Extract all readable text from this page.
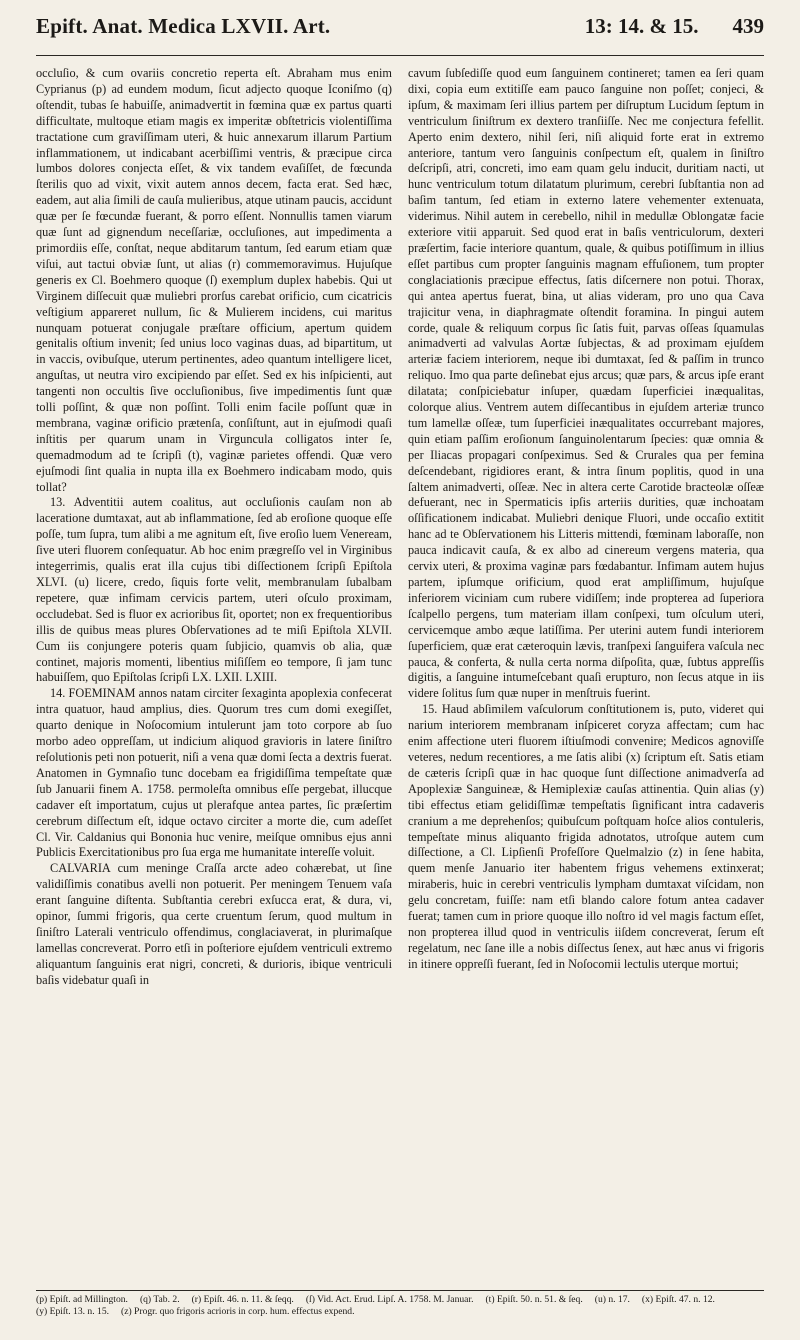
Epift. Anat. Medica LXVII. Art.	13: 14. & 15. 439

occluſio, & cum ovariis concretio reperta eſt. Abraham mus enim Cyprianus (p) ad eundem modum, ſicut adjecto quoque Iconiſmo (q) oſtendit, tubas ſe habuiſſe, animadvertit in fœmina quæ ex partus quarti difficultate, multoque etiam magis ex imperitæ obſtetricis violentiſſima tractatione cum graviſſimam uteri, & huic annexarum illarum Partium inflammationem, ut indicabant acerbiſſimi ventris, & præcipue circa lumbos dolores conjecta eſſet, & vix tandem evaſiſſet, de fœcunda ſterilis quo ad vixit, vixit autem annos decem, facta erat. Sed hæc, eadem, aut alia ſimili de cauſa mulieribus, atque utinam paucis, accidunt quæ per ſe fœcundæ fuerant, & porro eſſent. Nonnullis tamen viarum quæ ſunt ad gignendum neceſſariæ, occluſiones, aut impedimenta a primordiis eſſe, conſtat, neque abditarum tantum, ſed earum etiam quæ viſui, aut tactui obviæ ſunt, ut alias (r) commemoravimus. Hujuſque generis ex Cl. Boehmero quoque (ſ) exemplum duplex habebis. Qui ut Virginem diſſecuit quæ muliebri prorſus carebat orificio, cum cicatricis veſtigium appareret nullum, ſic & Mulierem incidens, cui maritus nunquam potuerat conjugale præſtare officium, apertum quidem genitalis oſtium invenit; ſed unius loco vaginas duas, ad bipartitum, ut in vaccis, ovibuſque, uterum pertinentes, adeo quantum intelligere licet, anguſtas, ut neutra viro excipiendo par eſſet. Sed ex his inſpicienti, aut tangenti non occultis ſive occluſionibus, ſive impedimentis ſunt quæ tolli poſſint, & quæ non poſſint. Tolli enim facile poſſunt quæ in membrana, vaginæ orificio prætenſa, conſiſtunt, aut in ejuſmodi quaſi inſtitis per quarum unam in Virguncula colligatos inter ſe, quemadmodum ad te ſcripſi (t), vaginæ parietes offendi. Quæ vero ejuſmodi ſint qualia in nupta illa ex Boehmero indicabam modo, quis tollat?

13. Adventitii autem coalitus, aut occluſionis cauſam non ab laceratione dumtaxat, aut ab inflammatione, ſed ab eroſione quoque eſſe poſſe, tum ſupra, tum alibi a me agnitum eſt, ſive eroſio luem Veneream, ſive uteri fluorem conſequatur. Ab hoc enim prægreſſo vel in Virginibus integerrimis, qualis erat illa cujus tibi diſſectionem ſcripſi Epiſtola XLVI. (u) licere, credo, ſiquis forte velit, membranulam ſubalbam repetere, quæ infimam cervicis partem, uteri oſculo proximam, occludebat. Sed is fluor ex acrioribus ſit, oportet; non ex frequentioribus illis de quibus meas plures Obſervationes ad te miſi Epiſtola XLVII. Cum iis conjungere poteris quam ſubjicio, quamvis ob alia, quæ continet, majoris momenti, libentius miſiſſem eo tempore, ſi jam tunc habuiſſem, quo Epiſtolas ſcripſi LX. LXII. LXIII.

14. FOEMINAM annos natam circiter ſexaginta apoplexia confecerat intra quatuor, haud amplius, dies. Quorum tres cum domi exegiſſet, quarto denique in Noſocomium intulerunt jam toto corpore ab ſuo morbo adeo oppreſſam, ut indicium aliquod gravioris in latere ſiniſtro reſolutionis peti non potuerit, niſi a vena quæ domi ſecta a dextris fuerat. Anatomen in Gymnaſio tunc docebam ea frigidiſſima tempeſtate quæ ſub Januarii finem A. 1758. permoleſta omnibus eſſe pergebat, illucque cadaver eſt importatum, cujus ut plerafque antea partes, ſic præſertim cerebrum diſſectum eſt, idque octavo circiter a morte die, cum adeſſet Cl. Vir. Caldanius qui Bononia huc venire, meiſque omnibus ejus anni Publicis Exercitationibus pro ſua erga me humanitate intereſſe voluit.

CALVARIA cum meninge Craſſa arcte adeo cohærebat, ut ſine validiſſimis conatibus avelli non potuerit. Per meningem Tenuem vaſa erant ſanguine diſtenta. Subſtantia cerebri exſucca erat, & dura, vi, opinor, ſummi frigoris, qua certe cruentum ſerum, quod multum in ſiniſtro Laterali ventriculo offendimus, conglaciaverat, in plurimaſque lamellas concreverat. Porro etſi in poſteriore ejuſdem ventriculi extremo aliquantum ſanguinis erat nigri, concreti, & durioris, ibique ventriculi baſis videbatur quaſi in

cavum ſubſediſſe quod eum ſanguinem contineret; tamen ea ſeri quam dixi, copia eum extitiſſe eam pauco ſanguine non poſſet; conjeci, & ipſum, & maximam ſeri illius partem per diſruptum Lucidum ſeptum in ventriculum ſiniſtrum ex dextero tranſiiſſe. Nec me conjectura fefellit. Aperto enim dextero, nihil ſeri, niſi aliquid forte erat in extremo anteriore, tantum vero ſanguinis conſpectum eſt, qualem in ſiniſtro deſcripſi, atri, concreti, imo eam quam gelu inducit, duritiam nacti, ut hunc ventriculum totum dilatatum plurimum, cerebri ſubſtantia non ad baſim tantum, ſed etiam in externo latere vehementer extenuata, viderimus. Nihil autem in cerebello, nihil in medullæ Oblongatæ facie exteriore vitii apparuit. Sed quod erat in baſis ventriculorum, dexteri præſertim, facie interiore quantum, quale, & quibus potiſſimum in illius eſſet partibus cum propter ſanguinis magnam effuſionem, tum propter conglaciationis præcipue effectus, ſatis diſcernere non potui. Thorax, qui antea apertus fuerat, bina, ut alias videram, pro uno qua Cava trajicitur vena, in diaphragmate oſtendit foramina. In pingui autem corde, quale & reliquum corpus ſic ſatis fuit, parvas oſſeas ſquamulas animadverti ad valvulas Aortæ ſubjectas, & ad proximam ejuſdem arteriæ faciem interiorem, neque ibi dumtaxat, ſed & paſſim in trunco reliquo. Imo qua parte deſinebat ejus arcus; quæ pars, & arcus ipſe erant dilatata; conſpiciebatur inſuper, quædam ſuperficiei inæqualitas, colorque alius. Ventrem autem diſſecantibus in ejuſdem arteriæ trunco tum lamellæ oſſeæ, tum ſuperficiei inæqualitates occurrebant majores, quin etiam paſſim eroſionum ſanguinolentarum ſpecies: quæ omnia & per Iliacas propagari conſpeximus. Sed & Crurales qua per femina deſcendebant, rigidiores erant, & intra ſinum poplitis, quod in una ſaltem animadverti, oſſeæ. Nec in altera certe Carotide bracteolæ oſſeæ defuerant, nec in Spermaticis ipſis arteriis durities, quæ inchoatam oſſificationem indicabat. Muliebri denique Fluori, unde occaſio extitit hanc ad te Obſervationem his Litteris mittendi, fœminam laboraſſe, non pauca indicavit cauſa, & ex albo ad cinereum vergens materia, qua cervix uteri, & proxima vaginæ pars fœdabantur. Infimam autem hujus partem, ipſumque orificium, quod erat ampliſſimum, hujuſque inferiorem viciniam cum rubere vidiſſem; inde propterea ad ſuperiora ſcalpello pergens, tum materiam illam conſpexi, tum oſculum uteri, cervicemque ambo æque latiſſima. Per uterini autem fundi interiorem ſuperficiem, quæ erat cæteroquin lævis, tranſpexi ſanguifera vaſcula nec pauca, & conferta, & nulla certa norma diſpoſita, quæ, ſubtus appreſſis digitis, a ſanguine intumeſcebant quaſi erupturo, non ſecus atque in iis videre ſolitus ſum quæ nuper in menſtruis fuerint.

15. Haud abſimilem vaſculorum conſtitutionem is, puto, videret qui narium interiorem membranam inſpiceret coryza affectam; cum hac enim affectione uteri fluorem iſtiuſmodi convenire; Medicos agnoviſſe veteres, nedum recentiores, a me ſatis alibi (x) ſcriptum eſt. Satis etiam de cæteris ſcripſi quæ in hac quoque ſunt diſſectione animadverſa ad Apoplexiæ Sanguineæ, & Hemiplexiæ cauſas attinentia. Quin alias (y) tibi effectus etiam gelidiſſimæ tempeſtatis ſignificant intra cadaveris cranium a me deprehenſos; quibuſcum poſtquam hoſce alios contuleris, tempeſtate minus aliquanto frigida adnotatos, utroſque autem cum diſſectione, a Cl. Lipſienſi Profeſſore Quelmalzio (z) in ſene habita, quem menſe Januario iter habentem frigus vehemens extinxerat; miraberis, huic in cerebri ventriculis lympham dumtaxat viſcidam, non gelu concretam, fuiſſe: nam etſi blando calore fotum antea cadaver fuerat; tamen cum in priore quoque illo noſtro id vel magis factum eſſet, non propterea illud quod in ventriculis iiſdem concreverat, ſerum eſt regelatum, nec ſane ille a nobis diſſectus ſenex, aut hæc anus vi frigoris in itinere oppreſſi fuerant, ſed in Noſocomii lectulis uterque mortui;

(p) Epiſt. ad Millington. (q) Tab. 2. (r) Epiſt. 46. n. 11. & ſeqq. (ſ) Vid. Act. Erud. Lipſ. A. 1758. M. Januar. (t) Epiſt. 50. n. 51. & ſeq. (u) n. 17. (x) Epiſt. 47. n. 12.
(y) Epiſt. 13. n. 15. (z) Progr. quo frigoris acrioris in corp. hum. effectus expend.
